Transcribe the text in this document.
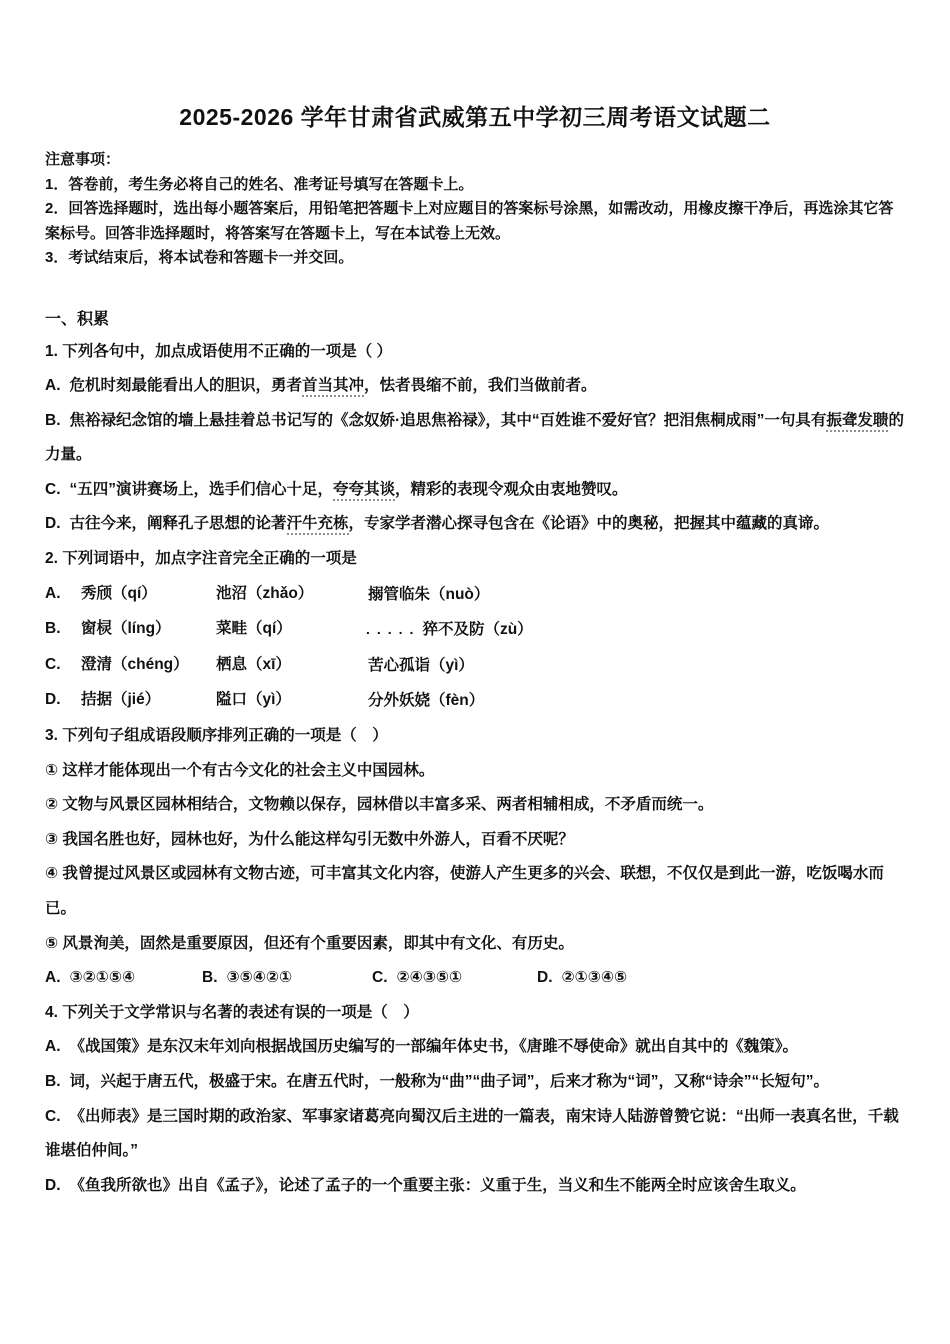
2025-2026 学年甘肃省武威第五中学初三周考语文试题二

注意事项：

1．答卷前，考生务必将自己的姓名、准考证号填写在答题卡上。

2．回答选择题时，选出每小题答案后，用铅笔把答题卡上对应题目的答案标号涂黑，如需改动，用橡皮擦干净后，再选涂其它答案标号。回答非选择题时，将答案写在答题卡上，写在本试卷上无效。

3．考试结束后，将本试卷和答题卡一并交回。

一、积累

1. 下列各句中，加点成语使用不正确的一项是（ ）

A. 危机时刻最能看出人的胆识，勇者首当其冲，怯者畏缩不前，我们当做前者。

B. 焦裕禄纪念馆的墙上悬挂着总书记写的《念奴娇·追思焦裕禄》，其中“百姓谁不爱好官？把泪焦桐成雨”一句具有振聋发聩的力量。

C. “五四”演讲赛场上，选手们信心十足，夸夸其谈，精彩的表现令观众由衷地赞叹。

D. 古往今来，阐释孔子思想的论著汗牛充栋，专家学者潜心探寻包含在《论语》中的奥秘，把握其中蕴藏的真谛。

2. 下列词语中，加点字注音完全正确的一项是

A.	秀颀（qí）	池沼（zhǎo）	搦管临朱（nuò）
B.	窗棂（líng）	菜畦（qí）	..... 猝不及防（zù）
C.	澄清（chéng）	栖息（xī）	苦心孤诣（yì）
D.	拮据（jié）	隘口（yì）	分外妖娆（fèn）

3. 下列句子组成语段顺序排列正确的一项是（　）

① 这样才能体现出一个有古今文化的社会主义中国园林。

② 文物与风景区园林相结合，文物赖以保存，园林借以丰富多采、两者相辅相成，不矛盾而统一。

③ 我国名胜也好，园林也好，为什么能这样勾引无数中外游人，百看不厌呢？

④ 我曾提过风景区或园林有文物古迹，可丰富其文化内容，使游人产生更多的兴会、联想，不仅仅是到此一游，吃饭喝水而已。

⑤ 风景洵美，固然是重要原因，但还有个重要因素，即其中有文化、有历史。

A. ③②①⑤④	B. ③⑤④②①	C. ②④③⑤①	D. ②①③④⑤

4. 下列关于文学常识与名著的表述有误的一项是（　）

A. 《战国策》是东汉末年刘向根据战国历史编写的一部编年体史书，《唐雎不辱使命》就出自其中的《魏策》。

B. 词，兴起于唐五代，极盛于宋。在唐五代时，一般称为“曲”“曲子词”，后来才称为“词”，又称“诗余”“长短句”。

C. 《出师表》是三国时期的政治家、军事家诸葛亮向蜀汉后主进的一篇表，南宋诗人陆游曾赞它说：“出师一表真名世，千载谁堪伯仲间。”

D. 《鱼我所欲也》出自《孟子》，论述了孟子的一个重要主张：义重于生，当义和生不能两全时应该舍生取义。
